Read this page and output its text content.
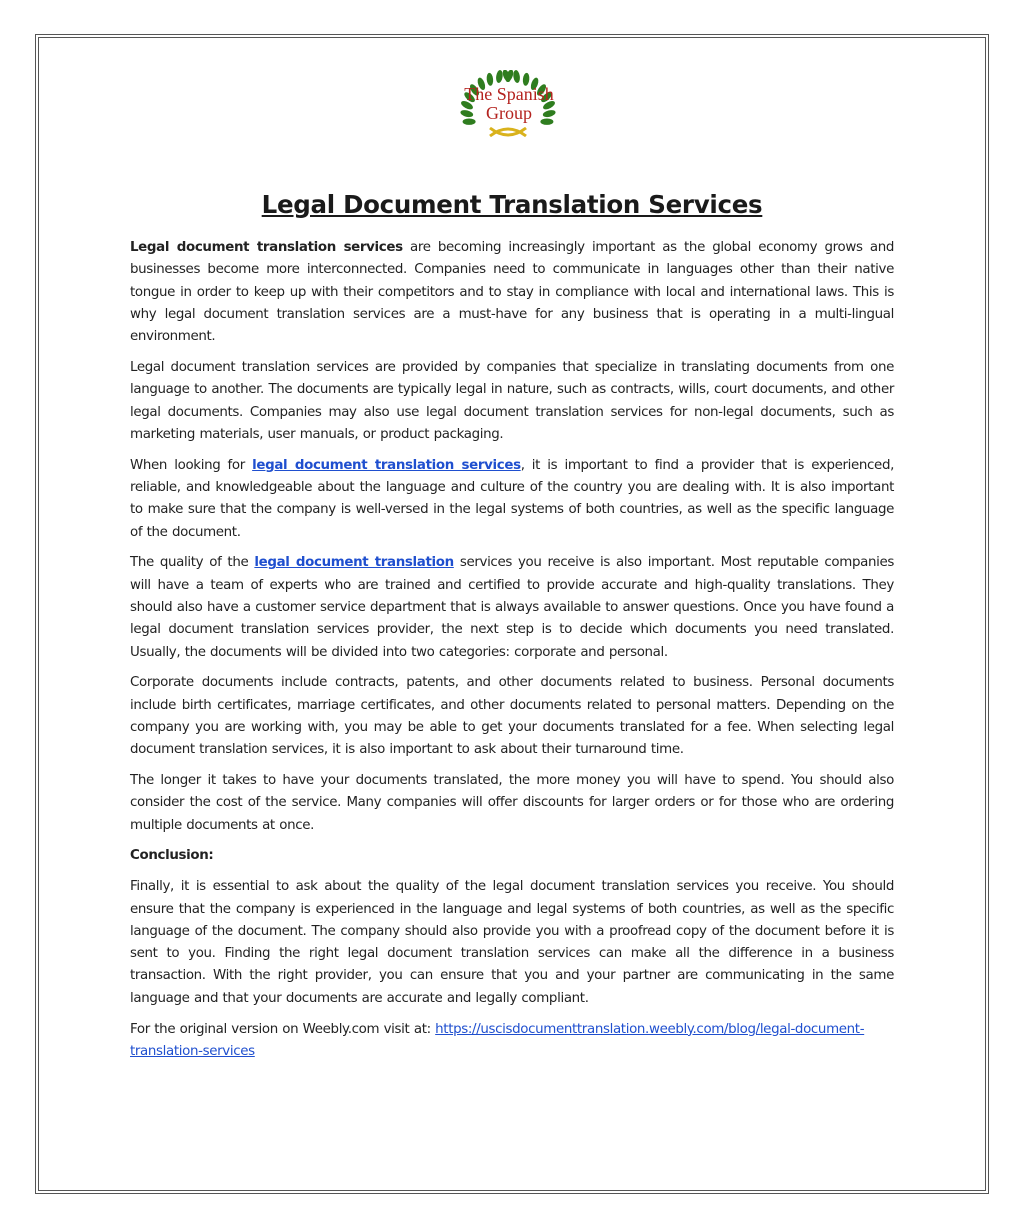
The Spanish
Group
Legal Document Translation Services

Legal document translation services are becoming increasingly important as the global economy grows and businesses become more interconnected. Companies need to communicate in languages other than their native tongue in order to keep up with their competitors and to stay in compliance with local and international laws. This is why legal document translation services are a must-have for any business that is operating in a multi-lingual environment.

Legal document translation services are provided by companies that specialize in translating documents from one language to another. The documents are typically legal in nature, such as contracts, wills, court documents, and other legal documents. Companies may also use legal document translation services for non-legal documents, such as marketing materials, user manuals, or product packaging.

When looking for legal document translation services, it is important to find a provider that is experienced, reliable, and knowledgeable about the language and culture of the country you are dealing with. It is also important to make sure that the company is well-versed in the legal systems of both countries, as well as the specific language of the document.

The quality of the legal document translation services you receive is also important. Most reputable companies will have a team of experts who are trained and certified to provide accurate and high-quality translations. They should also have a customer service department that is always available to answer questions. Once you have found a legal document translation services provider, the next step is to decide which documents you need translated. Usually, the documents will be divided into two categories: corporate and personal.

Corporate documents include contracts, patents, and other documents related to business. Personal documents include birth certificates, marriage certificates, and other documents related to personal matters. Depending on the company you are working with, you may be able to get your documents translated for a fee. When selecting legal document translation services, it is also important to ask about their turnaround time.

The longer it takes to have your documents translated, the more money you will have to spend. You should also consider the cost of the service. Many companies will offer discounts for larger orders or for those who are ordering multiple documents at once.

Conclusion:

Finally, it is essential to ask about the quality of the legal document translation services you receive. You should ensure that the company is experienced in the language and legal systems of both countries, as well as the specific language of the document. The company should also provide you with a proofread copy of the document before it is sent to you. Finding the right legal document translation services can make all the difference in a business transaction. With the right provider, you can ensure that you and your partner are communicating in the same language and that your documents are accurate and legally compliant.

For the original version on Weebly.com visit at: https://uscisdocumenttranslation.weebly.com/blog/legal-document-translation-services
